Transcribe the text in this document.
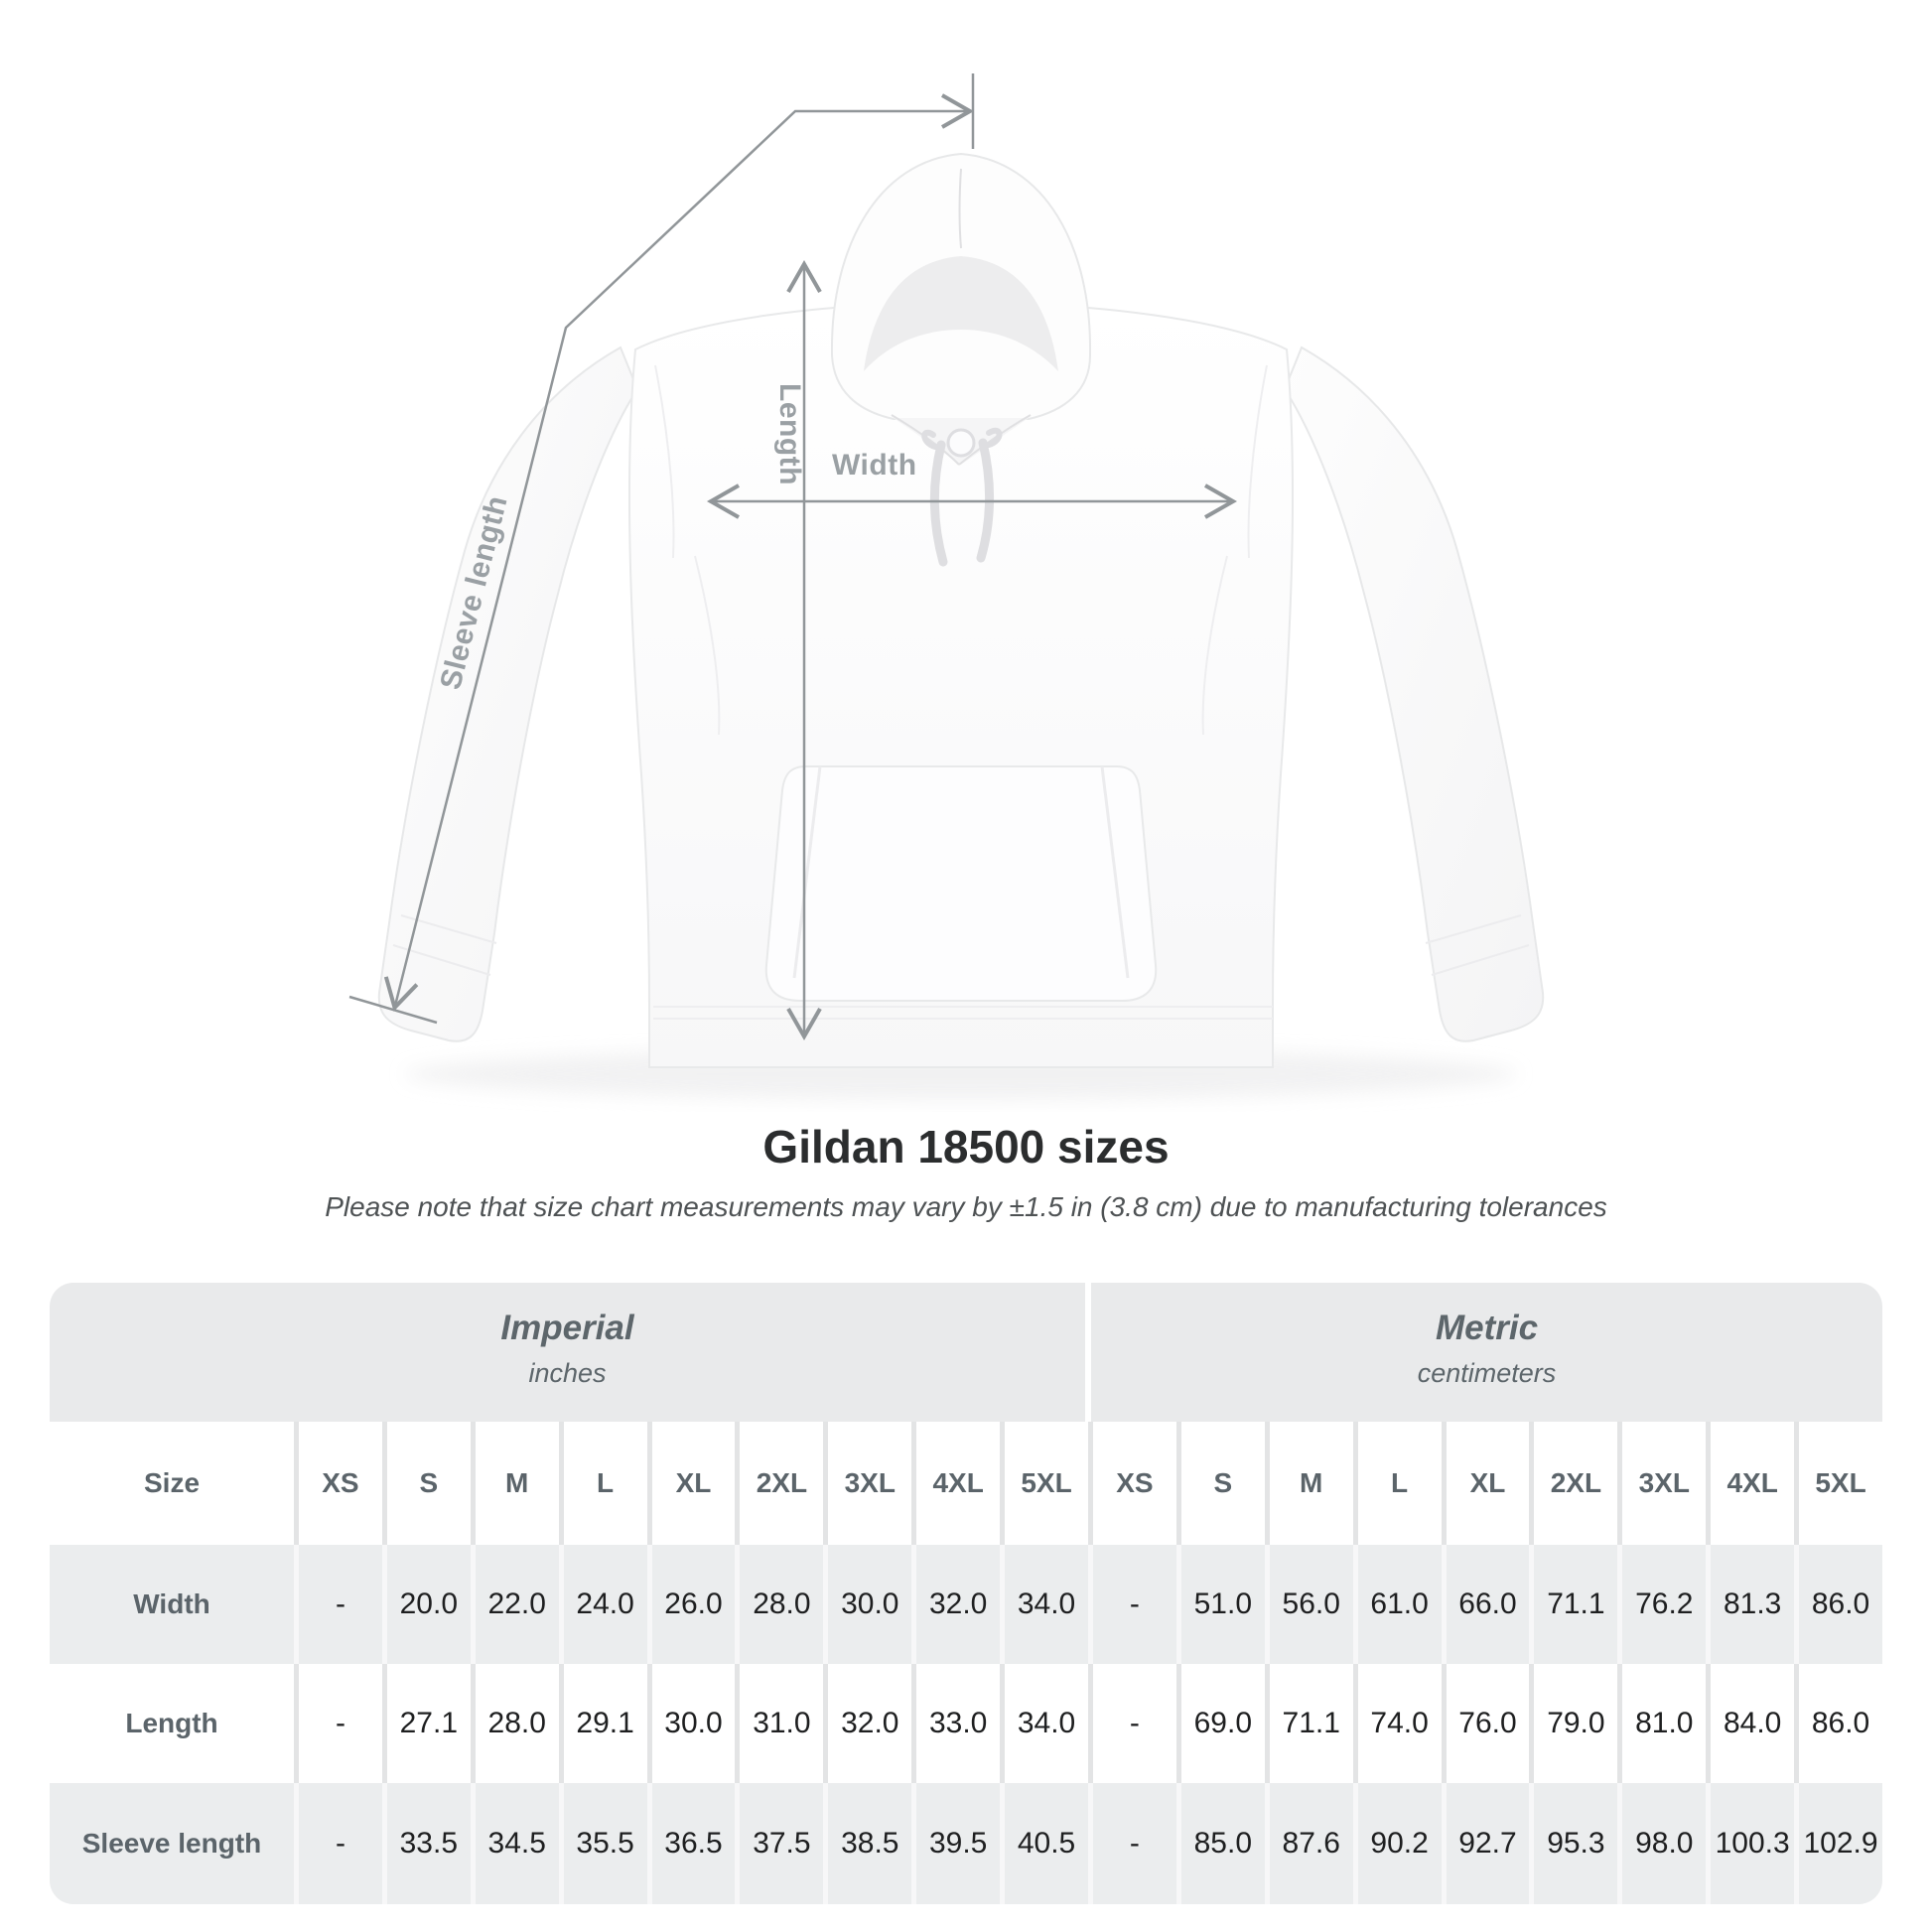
Length Width
Sleeve length
Gildan 18500 sizes
Please note that size chart measurements may vary by ±1.5 in (3.8 cm) due to manufacturing tolerances
Imperial
inches
Metric
centimeters
Size	XS	S	M	L	XL	2XL	3XL	4XL	5XL	XS	S	M	L	XL	2XL	3XL	4XL	5XL
Width	-	20.0	22.0	24.0	26.0	28.0	30.0	32.0	34.0	-	51.0	56.0	61.0	66.0	71.1	76.2	81.3	86.0
Length	-	27.1	28.0	29.1	30.0	31.0	32.0	33.0	34.0	-	69.0	71.1	74.0	76.0	79.0	81.0	84.0	86.0
Sleeve length	-	33.5	34.5	35.5	36.5	37.5	38.5	39.5	40.5	-	85.0	87.6	90.2	92.7	95.3	98.0 100.3 102.9
